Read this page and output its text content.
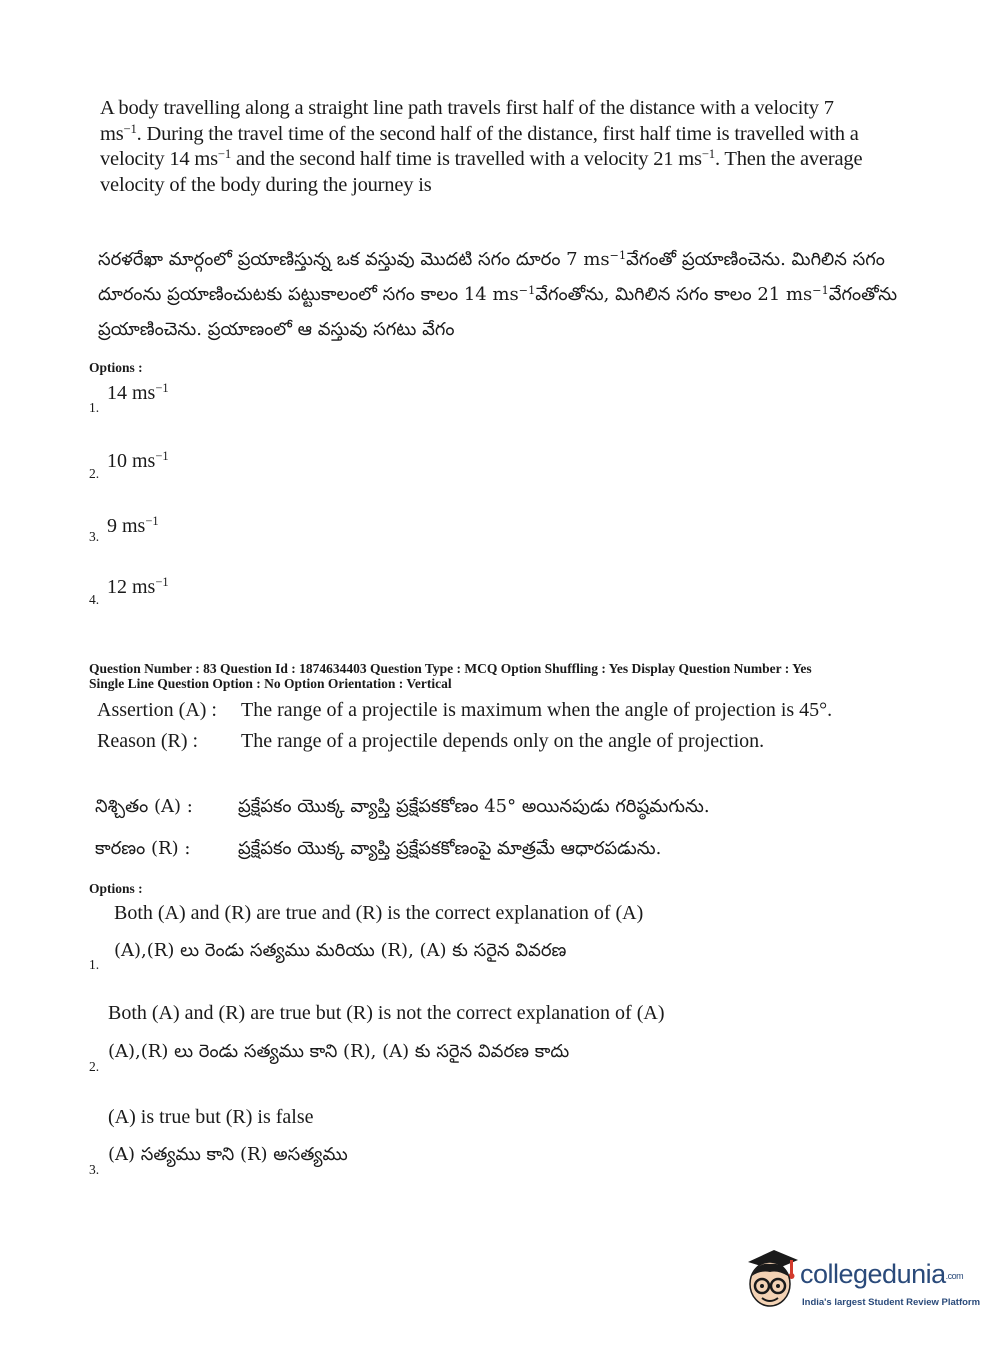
A body travelling along a straight line path travels first half of the distance with a velocity 7 $ms^{-1}$. During the travel time of the second half of the distance, first half time is travelled with a velocity 14 $ms^{-1}$ and the second half time is travelled with a velocity 21 $ms^{-1}$. Then the average velocity of the body during the journey is
సరళరేఖా మార్గంలో ప్రయాణిస్తున్న ఒక వస్తువు మొదటి సగం దూరం 7 $ms^{-1}వేగంతో$ ప్రయాణించెను. మిగిలిన సగం దూరంను ప్రయాణించుటకు పట్టుకాలంలో సగం కాలం 14 $ms^{-1}వేగంతోను$, మిగిలిన సగం కాలం 21 $ms^{-1}వేగంతోను$ ప్రయాణించెను. ప్రయాణంలో ఆ వస్తువు సగటు వేగం
Options :
14 $ms^{-1}$
1.
10 $ms^{-1}$
2.
9 $ms^{-1}$
3.
12 $ms^{-1}$
4.
Question Number : 83 Question Id : 1874634403 Question Type : MCQ Option Shuffling : Yes Display Question Number : Yes
Single Line Question Option : No Option Orientation : Vertical
Assertion (A) : The range of a projectile is maximum when the angle of projection is 45°.
Reason (R) : The range of a projectile depends only on the angle of projection.
నిశ్చితం (A) :	ప్రక్షేపకం యొక్క వ్యాప్తి ప్రక్షేపకకోణం 45° అయినపుడు గరిష్ఠమగును.
కారణం (R) :	ప్రక్షేపకం యొక్క వ్యాప్తి ప్రక్షేపకకోణంపై మాత్రమే ఆధారపడును.
Options :
Both (A) and (R) are true and (R) is the correct explanation of (A)
(A),(R) లు రెండు సత్యము మరియు (R), (A) కు సరైన వివరణ
1.
Both (A) and (R) are true but (R) is not the correct explanation of (A)
(A),(R) లు రెండు సత్యము కాని (R), (A) కు సరైన వివరణ కాదు
2.
(A) is true but (R) is false
(A) సత్యము కాని (R) అసత్యము
3.
collegedunia.com
India's largest Student Review Platform
